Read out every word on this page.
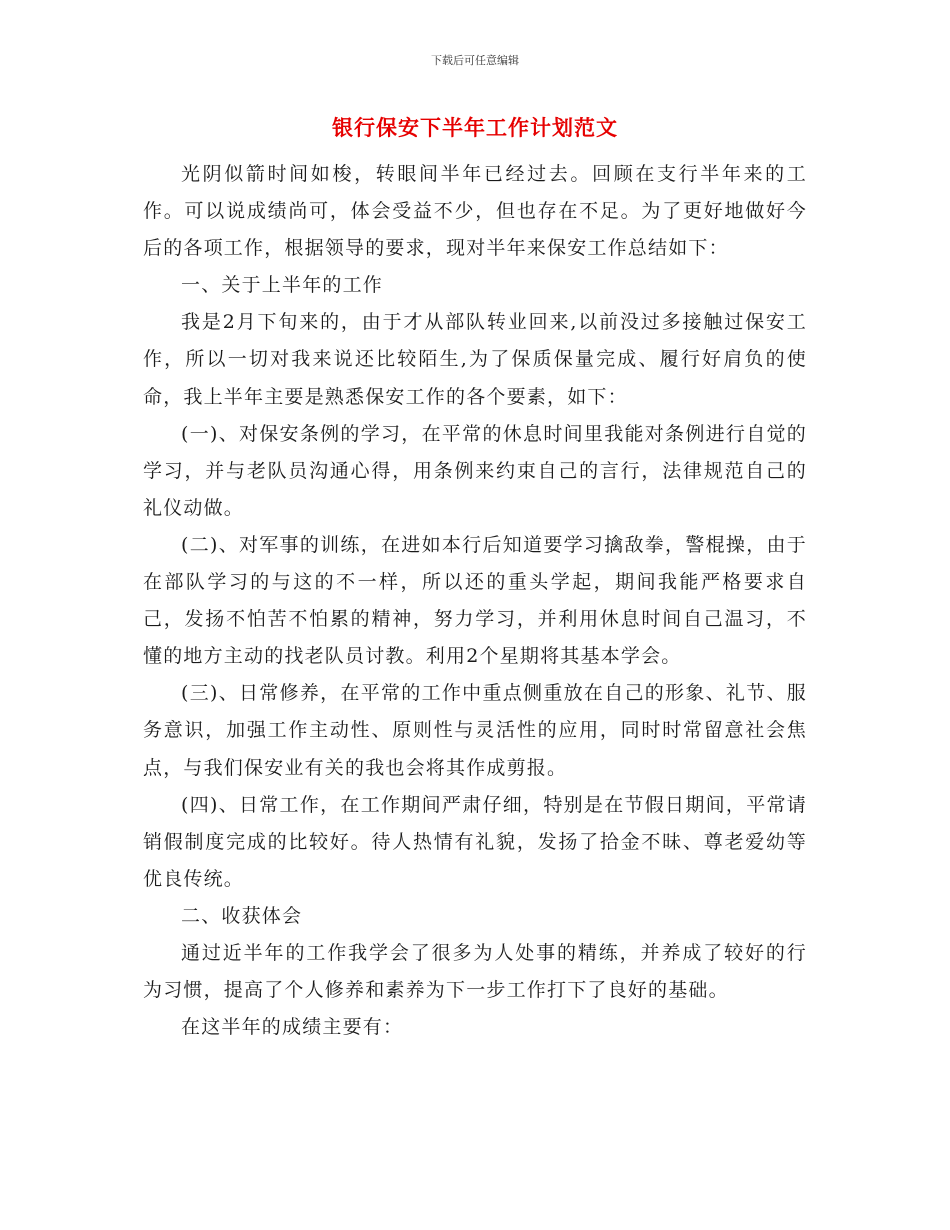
下载后可任意编辑
银行保安下半年工作计划范文

光阴似箭时间如梭，转眼间半年已经过去。回顾在支行半年来的工作。可以说成绩尚可，体会受益不少，但也存在不足。为了更好地做好今后的各项工作，根据领导的要求，现对半年来保安工作总结如下：

一、关于上半年的工作

我是2月下旬来的，由于才从部队转业回来,以前没过多接触过保安工作，所以一切对我来说还比较陌生,为了保质保量完成、履行好肩负的使命，我上半年主要是熟悉保安工作的各个要素，如下：

(一)、对保安条例的学习，在平常的休息时间里我能对条例进行自觉的学习，并与老队员沟通心得，用条例来约束自己的言行，法律规范自己的礼仪动做。

(二)、对军事的训练，在进如本行后知道要学习擒敌拳，警棍操，由于在部队学习的与这的不一样，所以还的重头学起，期间我能严格要求自己，发扬不怕苦不怕累的精神，努力学习，并利用休息时间自己温习，不懂的地方主动的找老队员讨教。利用2个星期将其基本学会。

(三)、日常修养，在平常的工作中重点侧重放在自己的形象、礼节、服务意识，加强工作主动性、原则性与灵活性的应用，同时时常留意社会焦点，与我们保安业有关的我也会将其作成剪报。

(四)、日常工作，在工作期间严肃仔细，特别是在节假日期间，平常请销假制度完成的比较好。待人热情有礼貌，发扬了拾金不昧、尊老爱幼等优良传统。

二、收获体会

通过近半年的工作我学会了很多为人处事的精练，并养成了较好的行为习惯，提高了个人修养和素养为下一步工作打下了良好的基础。

在这半年的成绩主要有：
